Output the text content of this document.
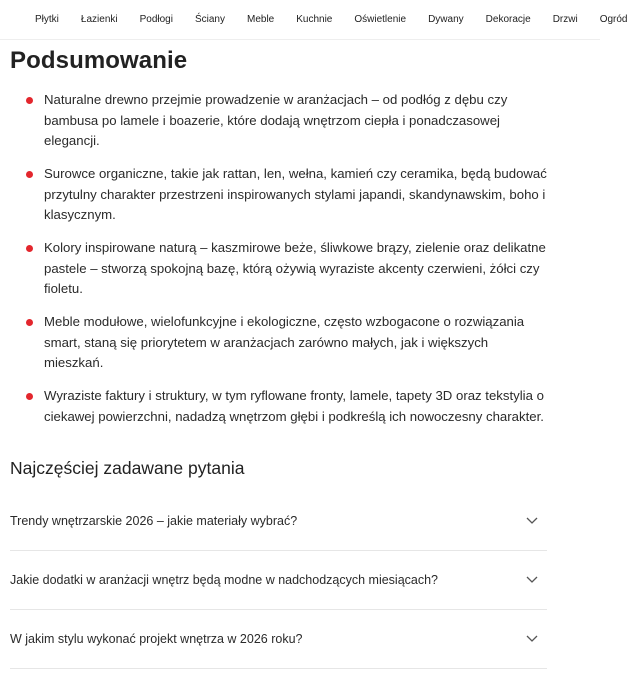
Płytki Łazienki Podłogi Ściany Meble Kuchnie Oświetlenie Dywany Dekoracje Drzwi Ogród
Podsumowanie
Naturalne drewno przejmie prowadzenie w aranżacjach – od podłóg z dębu czy bambusa po lamele i boazerie, które dodają wnętrzom ciepła i ponadczasowej elegancji.
Surowce organiczne, takie jak rattan, len, wełna, kamień czy ceramika, będą budować przytulny charakter przestrzeni inspirowanych stylami japandi, skandynawskim, boho i klasycznym.
Kolory inspirowane naturą – kaszmirowe beże, śliwkowe brązy, zielenie oraz delikatne pastele – stworzą spokojną bazę, którą ożywią wyraziste akcenty czerwieni, żółci czy fioletu.
Meble modułowe, wielofunkcyjne i ekologiczne, często wzbogacone o rozwiązania smart, staną się priorytetem w aranżacjach zarówno małych, jak i większych mieszkań.
Wyraziste faktury i struktury, w tym ryflowane fronty, lamele, tapety 3D oraz tekstylia o ciekawej powierzchni, nadadzą wnętrzom głębi i podkreślą ich nowoczesny charakter.
Najczęściej zadawane pytania
Trendy wnętrzarskie 2026 – jakie materiały wybrać?
Jakie dodatki w aranżacji wnętrz będą modne w nadchodzących miesiącach?
W jakim stylu wykonać projekt wnętrza w 2026 roku?
